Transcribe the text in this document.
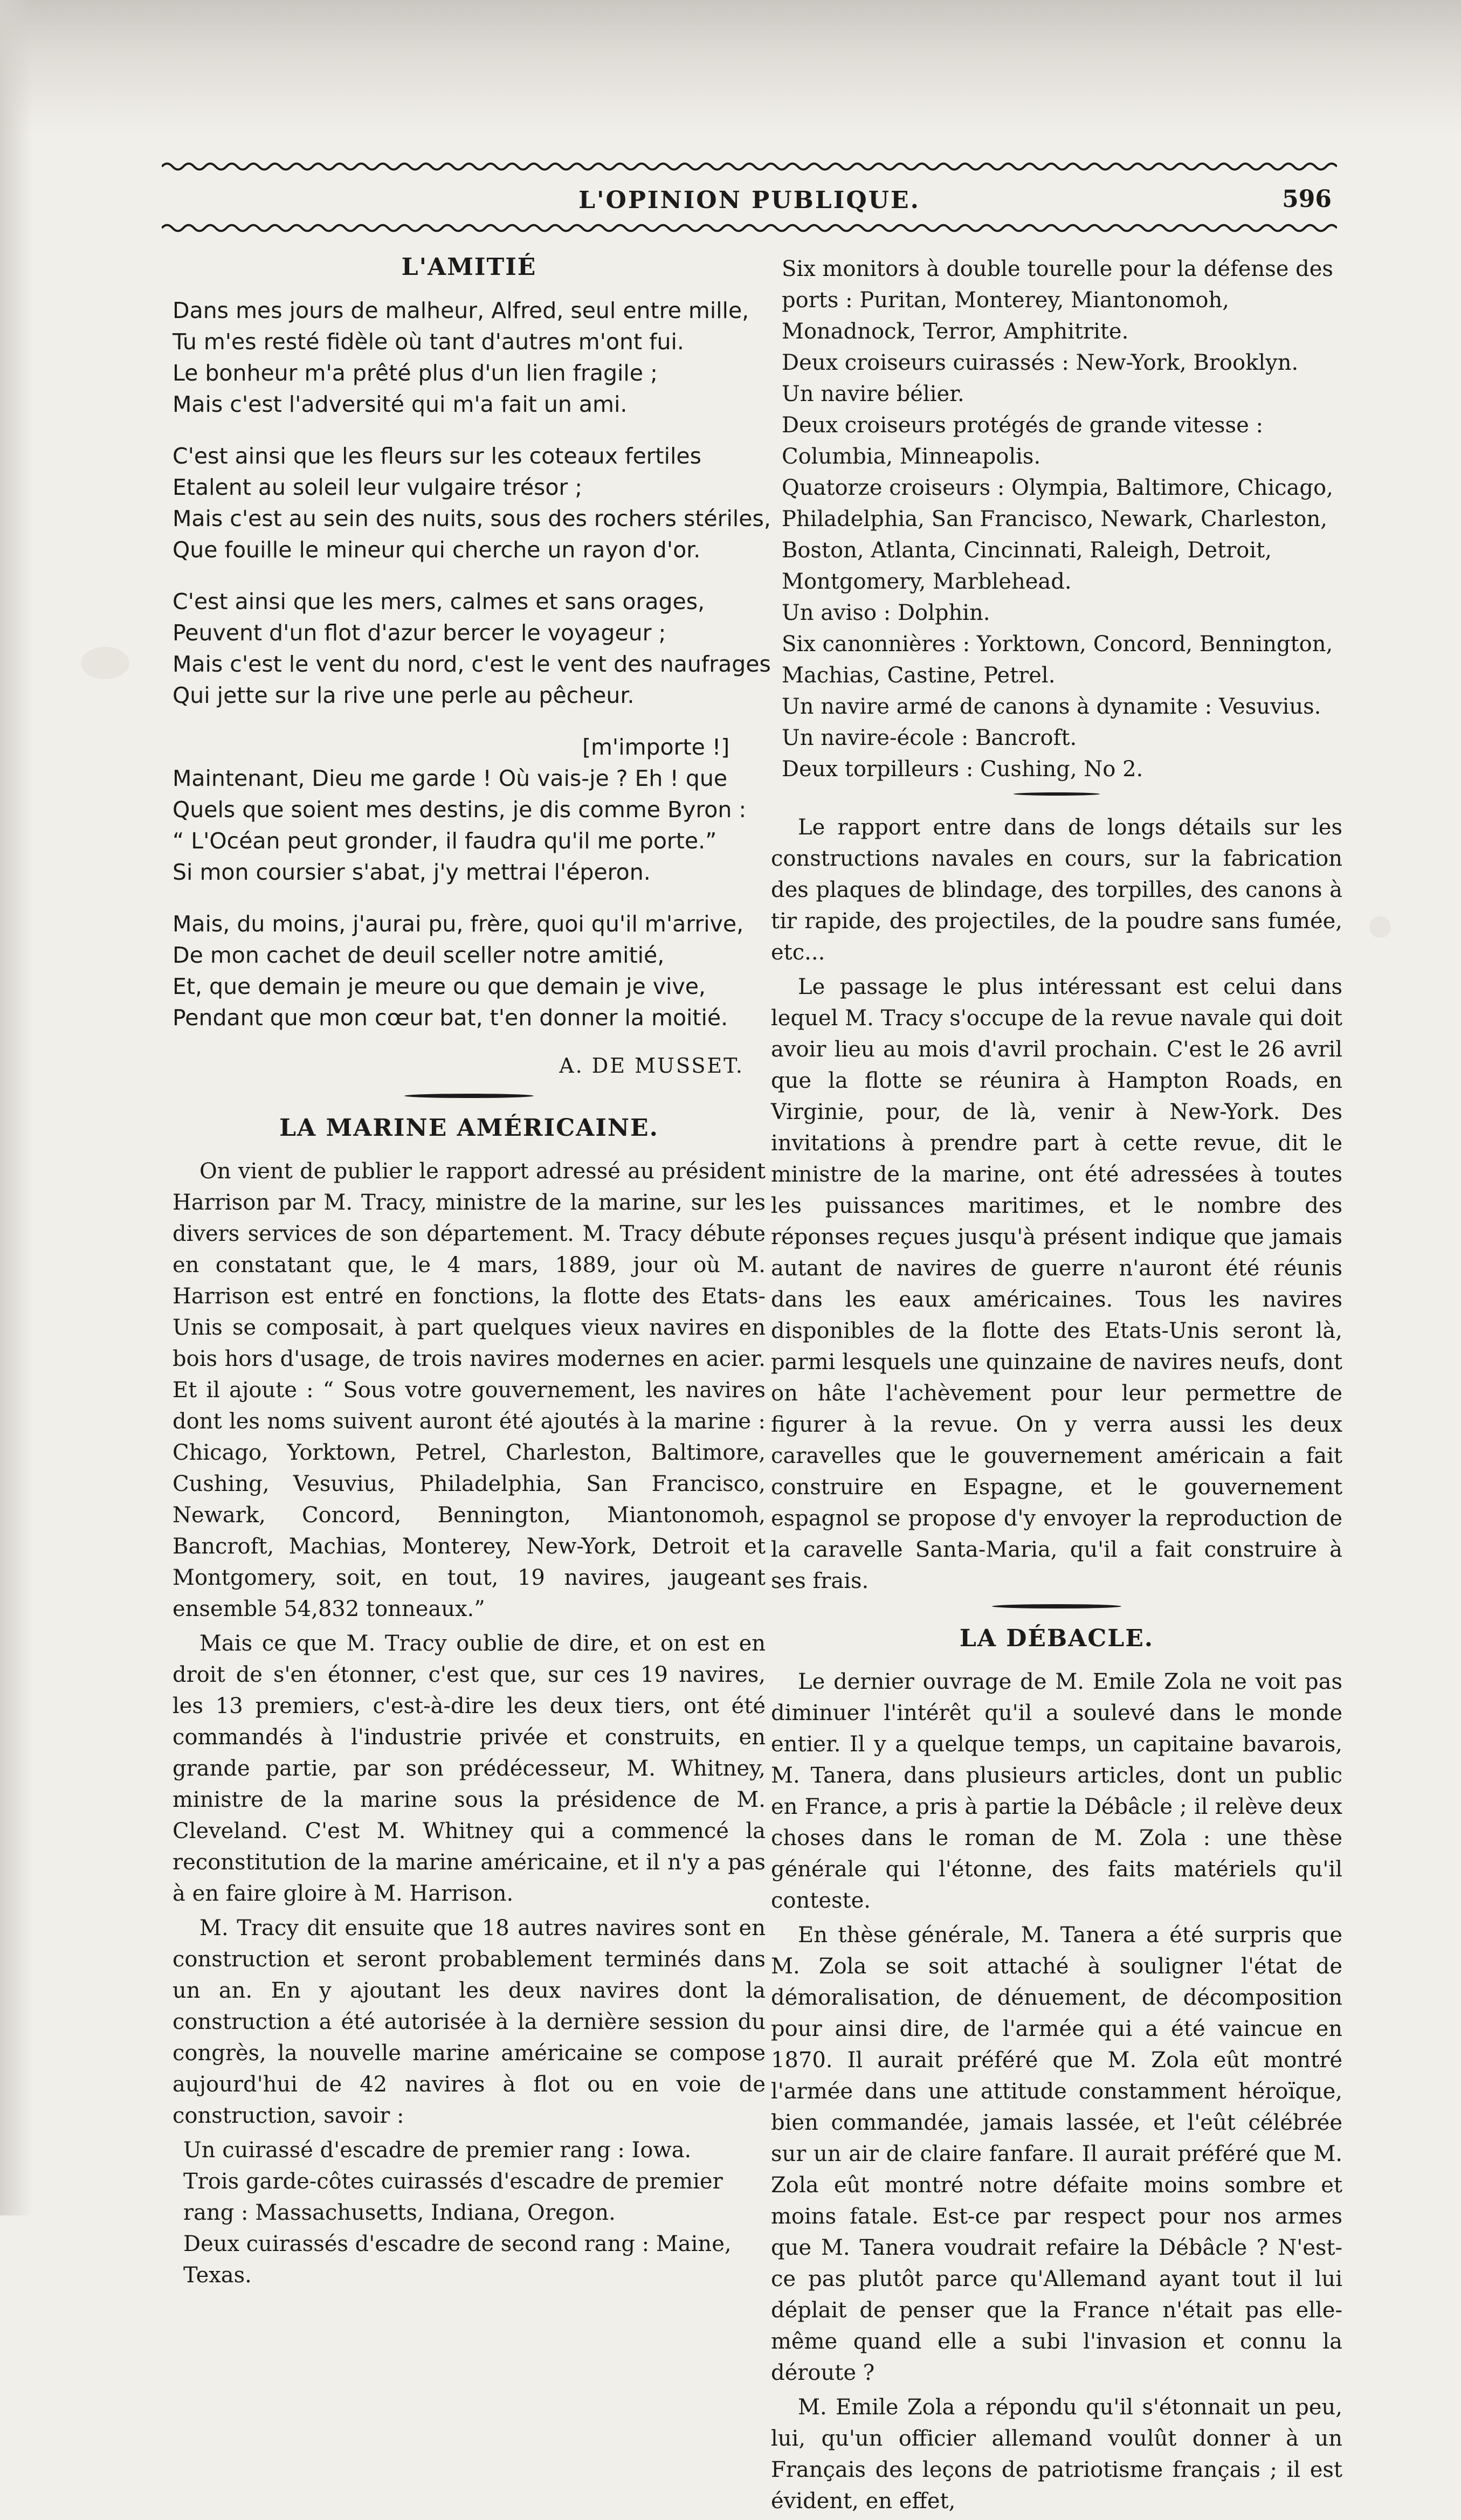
L'OPINION PUBLIQUE.	596
L'AMITIÉ
Dans mes jours de malheur, Alfred, seul entre mille,
Tu m'es resté fidèle où tant d'autres m'ont fui.
Le bonheur m'a prêté plus d'un lien fragile ;
Mais c'est l'adversité qui m'a fait un ami.
C'est ainsi que les fleurs sur les coteaux fertiles
Etalent au soleil leur vulgaire trésor ;
Mais c'est au sein des nuits, sous des rochers stériles,
Que fouille le mineur qui cherche un rayon d'or.
C'est ainsi que les mers, calmes et sans orages,
Peuvent d'un flot d'azur bercer le voyageur ;
Mais c'est le vent du nord, c'est le vent des naufrages
Qui jette sur la rive une perle au pêcheur.
[m'importe !]
Maintenant, Dieu me garde ! Où vais-je ? Eh ! que
Quels que soient mes destins, je dis comme Byron :
“ L'Océan peut gronder, il faudra qu'il me porte.”
Si mon coursier s'abat, j'y mettrai l'éperon.
Mais, du moins, j'aurai pu, frère, quoi qu'il m'arrive,
De mon cachet de deuil sceller notre amitié,
Et, que demain je meure ou que demain je vive,
Pendant que mon cœur bat, t'en donner la moitié.
A. DE MUSSET.
LA MARINE AMÉRICAINE.
On vient de publier le rapport adressé au président Harrison par M. Tracy, ministre de la marine, sur les divers services de son département. M. Tracy débute en constatant que, le 4 mars, 1889, jour où M. Harrison est entré en fonctions, la flotte des Etats-Unis se composait, à part quelques vieux navires en bois hors d'usage, de trois navires modernes en acier. Et il ajoute : “ Sous votre gouvernement, les navires dont les noms suivent auront été ajoutés à la marine : Chicago, Yorktown, Petrel, Charleston, Baltimore, Cushing, Vesuvius, Philadelphia, San Francisco, Newark, Concord, Bennington, Miantonomoh, Bancroft, Machias, Monterey, New-York, Detroit et Montgomery, soit, en tout, 19 navires, jaugeant ensemble 54,832 tonneaux.”
Mais ce que M. Tracy oublie de dire, et on est en droit de s'en étonner, c'est que, sur ces 19 navires, les 13 premiers, c'est-à-dire les deux tiers, ont été commandés à l'industrie privée et construits, en grande partie, par son prédécesseur, M. Whitney, ministre de la marine sous la présidence de M. Cleveland. C'est M. Whitney qui a commencé la reconstitution de la marine américaine, et il n'y a pas à en faire gloire à M. Harrison.
M. Tracy dit ensuite que 18 autres navires sont en construction et seront probablement terminés dans un an. En y ajoutant les deux navires dont la construction a été autorisée à la dernière session du congrès, la nouvelle marine américaine se compose aujourd'hui de 42 navires à flot ou en voie de construction, savoir :
Un cuirassé d'escadre de premier rang : Iowa.
Trois garde-côtes cuirassés d'escadre de premier rang : Massachusetts, Indiana, Oregon.
Deux cuirassés d'escadre de second rang : Maine, Texas.
Six monitors à double tourelle pour la défense des ports : Puritan, Monterey, Miantonomoh, Monadnock, Terror, Amphitrite.
Deux croiseurs cuirassés : New-York, Brooklyn.
Un navire bélier.
Deux croiseurs protégés de grande vitesse : Columbia, Minneapolis.
Quatorze croiseurs : Olympia, Baltimore, Chicago, Philadelphia, San Francisco, Newark, Charleston, Boston, Atlanta, Cincinnati, Raleigh, Detroit, Montgomery, Marblehead.
Un aviso : Dolphin.
Six canonnières : Yorktown, Concord, Bennington, Machias, Castine, Petrel.
Un navire armé de canons à dynamite : Vesuvius.
Un navire-école : Bancroft.
Deux torpilleurs : Cushing, No 2.
Le rapport entre dans de longs détails sur les constructions navales en cours, sur la fabrication des plaques de blindage, des torpilles, des canons à tir rapide, des projectiles, de la poudre sans fumée, etc...
Le passage le plus intéressant est celui dans lequel M. Tracy s'occupe de la revue navale qui doit avoir lieu au mois d'avril prochain. C'est le 26 avril que la flotte se réunira à Hampton Roads, en Virginie, pour, de là, venir à New-York. Des invitations à prendre part à cette revue, dit le ministre de la marine, ont été adressées à toutes les puissances maritimes, et le nombre des réponses reçues jusqu'à présent indique que jamais autant de navires de guerre n'auront été réunis dans les eaux américaines. Tous les navires disponibles de la flotte des Etats-Unis seront là, parmi lesquels une quinzaine de navires neufs, dont on hâte l'achèvement pour leur permettre de figurer à la revue. On y verra aussi les deux caravelles que le gouvernement américain a fait construire en Espagne, et le gouvernement espagnol se propose d'y envoyer la reproduction de la caravelle Santa-Maria, qu'il a fait construire à ses frais.
LA DÉBACLE.
Le dernier ouvrage de M. Emile Zola ne voit pas diminuer l'intérêt qu'il a soulevé dans le monde entier. Il y a quelque temps, un capitaine bavarois, M. Tanera, dans plusieurs articles, dont un public en France, a pris à partie la Débâcle ; il relève deux choses dans le roman de M. Zola : une thèse générale qui l'étonne, des faits matériels qu'il conteste.
En thèse générale, M. Tanera a été surpris que M. Zola se soit attaché à souligner l'état de démoralisation, de dénuement, de décomposition pour ainsi dire, de l'armée qui a été vaincue en 1870. Il aurait préféré que M. Zola eût montré l'armée dans une attitude constamment héroïque, bien commandée, jamais lassée, et l'eût célébrée sur un air de claire fanfare. Il aurait préféré que M. Zola eût montré notre défaite moins sombre et moins fatale. Est-ce par respect pour nos armes que M. Tanera voudrait refaire la Débâcle ? N'est-ce pas plutôt parce qu'Allemand ayant tout il lui déplait de penser que la France n'était pas elle-même quand elle a subi l'invasion et connu la déroute ?
M. Emile Zola a répondu qu'il s'étonnait un peu, lui, qu'un officier allemand voulût donner à un Français des leçons de patriotisme français ; il est évident, en effet,
